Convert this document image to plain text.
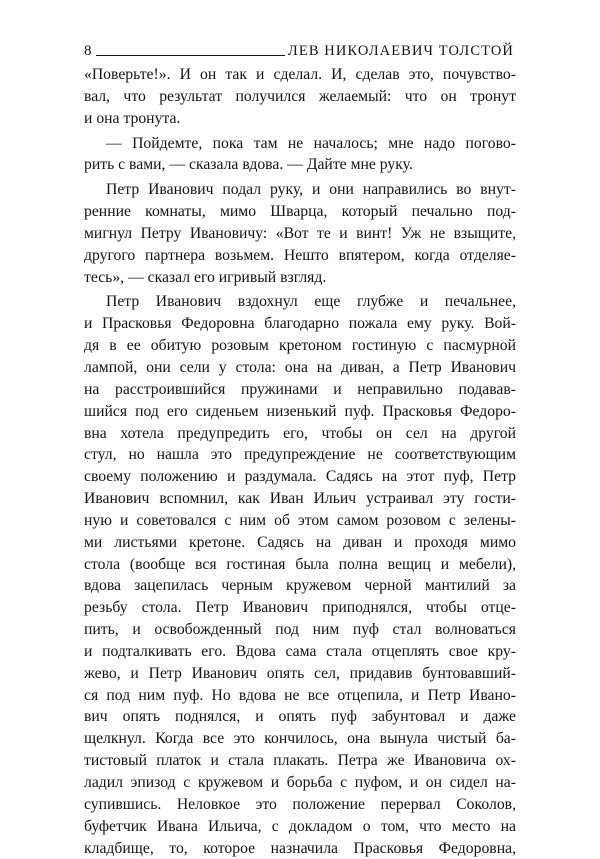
8	ЛЕВ НИКОЛАЕВИЧ ТОЛСТОЙ
«Поверьте!». И он так и сделал. И, сделав это, почувство-
вал, что результат получился желаемый: что он тронут
и она тронута.
— Пойдемте, пока там не началось; мне надо погово-
рить с вами, — сказала вдова. — Дайте мне руку.
Петр Иванович подал руку, и они направились во внут-
ренние комнаты, мимо Шварца, который печально под-
мигнул Петру Ивановичу: «Вот те и винт! Уж не взыщите,
другого партнера возьмем. Нешто впятером, когда отделяе-
тесь», — сказал его игривый взгляд.
Петр Иванович вздохнул еще глубже и печальнее,
и Прасковья Федоровна благодарно пожала ему руку. Вой-
дя в ее обитую розовым кретоном гостиную с пасмурной
лампой, они сели у стола: она на диван, а Петр Иванович
на расстроившийся пружинами и неправильно подавав-
шийся под его сиденьем низенький пуф. Прасковья Федоро-
вна хотела предупредить его, чтобы он сел на другой
стул, но нашла это предупреждение не соответствующим
своему положению и раздумала. Садясь на этот пуф, Петр
Иванович вспомнил, как Иван Ильич устраивал эту гости-
ную и советовался с ним об этом самом розовом с зелены-
ми листьями кретоне. Садясь на диван и проходя мимо
стола (вообще вся гостиная была полна вещиц и мебели),
вдова зацепилась черным кружевом черной мантилий за
резьбу стола. Петр Иванович приподнялся, чтобы отце-
пить, и освобожденный под ним пуф стал волноваться
и подталкивать его. Вдова сама стала отцеплять свое кру-
жево, и Петр Иванович опять сел, придавив бунтовавший-
ся под ним пуф. Но вдова не все отцепила, и Петр Ивано-
вич опять поднялся, и опять пуф забунтовал и даже
щелкнул. Когда все это кончилось, она вынула чистый ба-
тистовый платок и стала плакать. Петра же Ивановича ох-
ладил эпизод с кружевом и борьба с пуфом, и он сидел на-
супившись. Неловкое это положение перервал Соколов,
буфетчик Ивана Ильича, с докладом о том, что место на
кладбище, то, которое назначила Прасковья Федоровна,
